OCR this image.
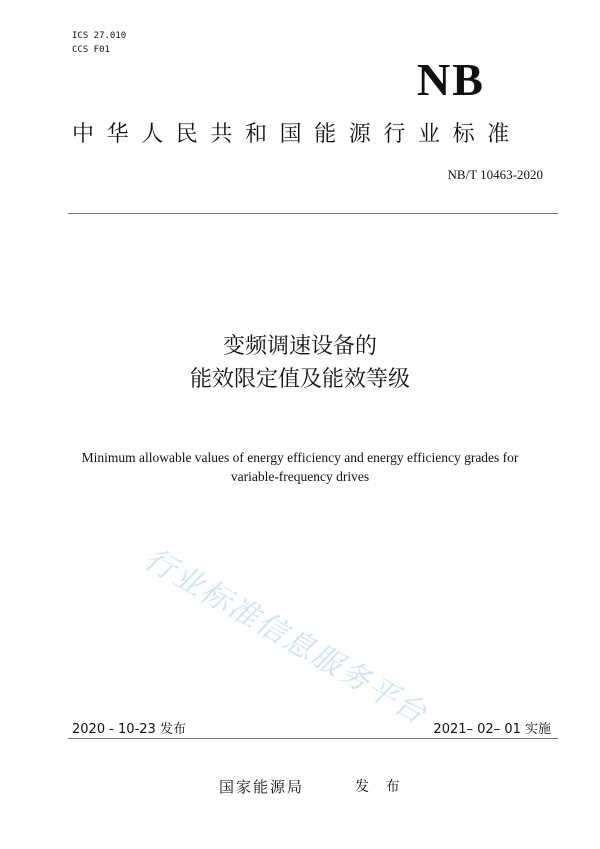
ICS 27.010
CCS F01
NB
中华人民共和国能源行业标准
NB/T 10463-2020
变频调速设备的
能效限定值及能效等级
Minimum allowable values of energy efficiency and energy efficiency grades for
variable-frequency drives
行业标准信息服务平台
2020 - 10-23 发布	2021– 02– 01 实施
国家能源局	发 布
